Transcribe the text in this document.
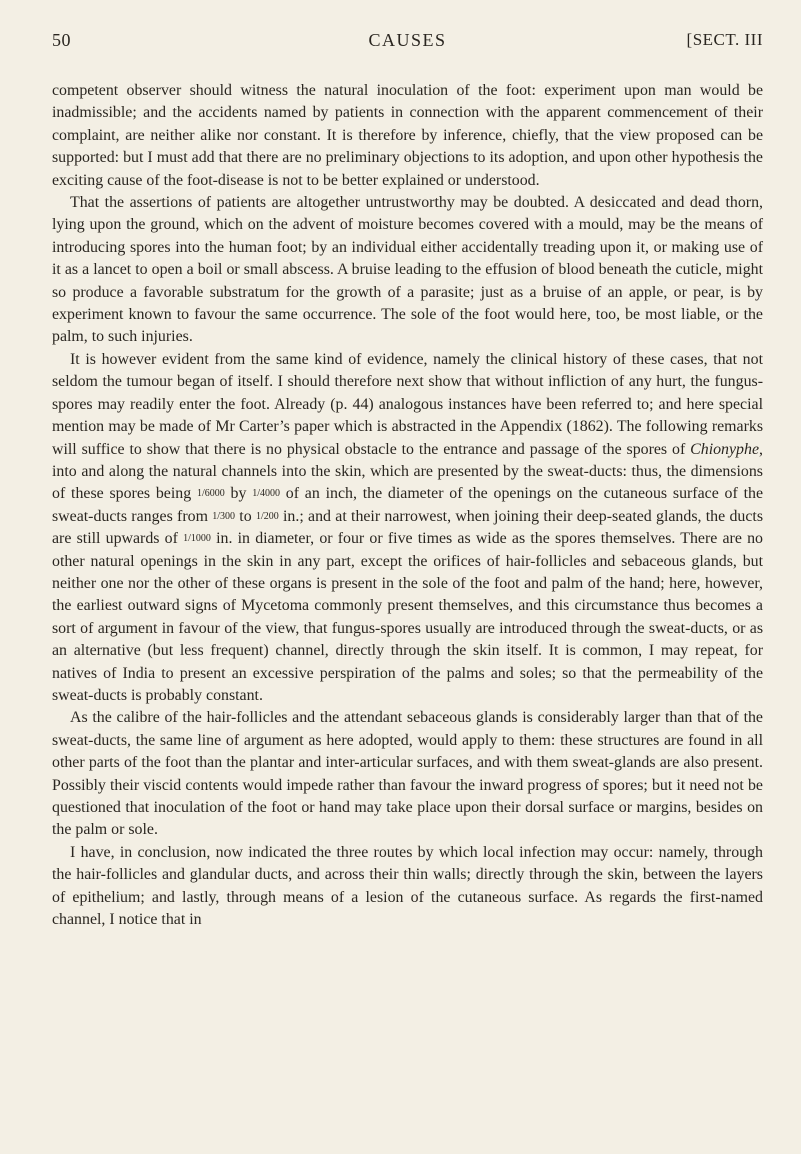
50	CAUSES	[SECT. III

competent observer should witness the natural inoculation of the foot: experiment upon man would be inadmissible; and the accidents named by patients in connection with the apparent commencement of their complaint, are neither alike nor constant. It is therefore by inference, chiefly, that the view proposed can be supported: but I must add that there are no preliminary objections to its adoption, and upon other hypothesis the exciting cause of the foot-disease is not to be better explained or understood.

That the assertions of patients are altogether untrustworthy may be doubted. A desiccated and dead thorn, lying upon the ground, which on the advent of moisture becomes covered with a mould, may be the means of introducing spores into the human foot; by an individual either accidentally treading upon it, or making use of it as a lancet to open a boil or small abscess. A bruise leading to the effusion of blood beneath the cuticle, might so produce a favorable substratum for the growth of a parasite; just as a bruise of an apple, or pear, is by experiment known to favour the same occurrence. The sole of the foot would here, too, be most liable, or the palm, to such injuries.

It is however evident from the same kind of evidence, namely the clinical history of these cases, that not seldom the tumour began of itself. I should therefore next show that without infliction of any hurt, the fungus-spores may readily enter the foot. Already (p. 44) analogous instances have been referred to; and here special mention may be made of Mr Carter’s paper which is abstracted in the Appendix (1862). The following remarks will suffice to show that there is no physical obstacle to the entrance and passage of the spores of Chionyphe, into and along the natural channels into the skin, which are presented by the sweat-ducts: thus, the dimensions of these spores being 1/6000 by 1/4000 of an inch, the diameter of the openings on the cutaneous surface of the sweat-ducts ranges from 1/300 to 1/200 in.; and at their narrowest, when joining their deep-seated glands, the ducts are still upwards of 1/1000 in. in diameter, or four or five times as wide as the spores themselves. There are no other natural openings in the skin in any part, except the orifices of hair-follicles and sebaceous glands, but neither one nor the other of these organs is present in the sole of the foot and palm of the hand; here, however, the earliest outward signs of Mycetoma commonly present themselves, and this circumstance thus becomes a sort of argument in favour of the view, that fungus-spores usually are introduced through the sweat-ducts, or as an alternative (but less frequent) channel, directly through the skin itself. It is common, I may repeat, for natives of India to present an excessive perspiration of the palms and soles; so that the permeability of the sweat-ducts is probably constant.

As the calibre of the hair-follicles and the attendant sebaceous glands is considerably larger than that of the sweat-ducts, the same line of argument as here adopted, would apply to them: these structures are found in all other parts of the foot than the plantar and inter-articular surfaces, and with them sweat-glands are also present. Possibly their viscid contents would impede rather than favour the inward progress of spores; but it need not be questioned that inoculation of the foot or hand may take place upon their dorsal surface or margins, besides on the palm or sole.

I have, in conclusion, now indicated the three routes by which local infection may occur: namely, through the hair-follicles and glandular ducts, and across their thin walls; directly through the skin, between the layers of epithelium; and lastly, through means of a lesion of the cutaneous surface. As regards the first-named channel, I notice that in
